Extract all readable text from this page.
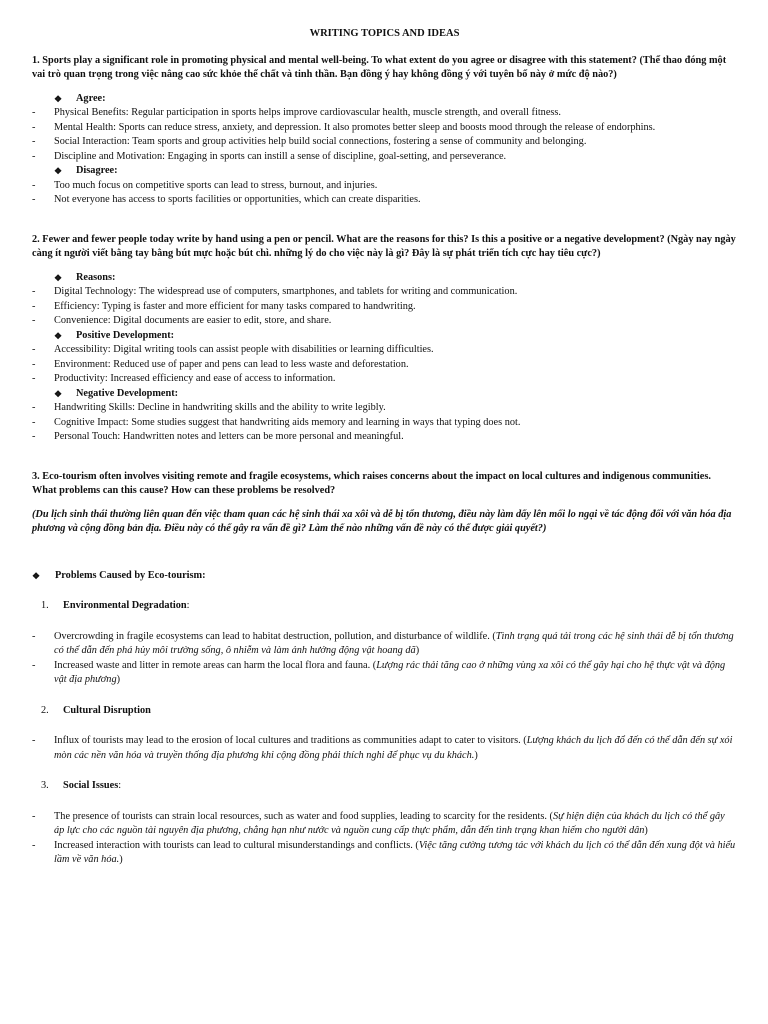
WRITING TOPICS AND IDEAS

1. Sports play a significant role in promoting physical and mental well-being. To what extent do you agree or disagree with this statement? (Thể thao đóng một vai trò quan trọng trong việc nâng cao sức khỏe thể chất và tinh thần. Bạn đồng ý hay không đồng ý với tuyên bố này ở mức độ nào?)

❖ Agree:
- Physical Benefits: Regular participation in sports helps improve cardiovascular health, muscle strength, and overall fitness.
- Mental Health: Sports can reduce stress, anxiety, and depression. It also promotes better sleep and boosts mood through the release of endorphins.
- Social Interaction: Team sports and group activities help build social connections, fostering a sense of community and belonging.
- Discipline and Motivation: Engaging in sports can instill a sense of discipline, goal-setting, and perseverance.
❖ Disagree:
- Too much focus on competitive sports can lead to stress, burnout, and injuries.
- Not everyone has access to sports facilities or opportunities, which can create disparities.

2. Fewer and fewer people today write by hand using a pen or pencil. What are the reasons for this? Is this a positive or a negative development? (Ngày nay ngày càng ít người viết bằng tay bằng bút mực hoặc bút chì. những lý do cho việc này là gì? Đây là sự phát triển tích cực hay tiêu cực?)

❖ Reasons:
- Digital Technology: The widespread use of computers, smartphones, and tablets for writing and communication.
- Efficiency: Typing is faster and more efficient for many tasks compared to handwriting.
- Convenience: Digital documents are easier to edit, store, and share.
❖ Positive Development:
- Accessibility: Digital writing tools can assist people with disabilities or learning difficulties.
- Environment: Reduced use of paper and pens can lead to less waste and deforestation.
- Productivity: Increased efficiency and ease of access to information.
❖ Negative Development:
- Handwriting Skills: Decline in handwriting skills and the ability to write legibly.
- Cognitive Impact: Some studies suggest that handwriting aids memory and learning in ways that typing does not.
- Personal Touch: Handwritten notes and letters can be more personal and meaningful.

3. Eco-tourism often involves visiting remote and fragile ecosystems, which raises concerns about the impact on local cultures and indigenous communities. What problems can this cause? How can these problems be resolved?

(Du lịch sinh thái thường liên quan đến việc tham quan các hệ sinh thái xa xôi và dễ bị tổn thương, điều này làm dấy lên mối lo ngại về tác động đối với văn hóa địa phương và cộng đồng bản địa. Điều này có thể gây ra vấn đề gì? Làm thế nào những vấn đề này có thể được giải quyết?)

❖ Problems Caused by Eco-tourism:

1. Environmental Degradation:

- Overcrowding in fragile ecosystems can lead to habitat destruction, pollution, and disturbance of wildlife. (Tình trạng quá tải trong các hệ sinh thái dễ bị tổn thương có thể dẫn đến phá hủy môi trường sống, ô nhiễm và làm ảnh hưởng động vật hoang dã)
- Increased waste and litter in remote areas can harm the local flora and fauna. (Lượng rác thải tăng cao ở những vùng xa xôi có thể gây hại cho hệ thực vật và động vật địa phương)

2. Cultural Disruption

- Influx of tourists may lead to the erosion of local cultures and traditions as communities adapt to cater to visitors. (Lượng khách du lịch đổ đến có thể dẫn đến sự xói mòn các nền văn hóa và truyền thống địa phương khi cộng đồng phải thích nghi để phục vụ du khách.)

3. Social Issues:

- The presence of tourists can strain local resources, such as water and food supplies, leading to scarcity for the residents. (Sự hiện diện của khách du lịch có thể gây áp lực cho các nguồn tài nguyên địa phương, chẳng hạn như nước và nguồn cung cấp thực phẩm, dẫn đến tình trạng khan hiếm cho người dân)
- Increased interaction with tourists can lead to cultural misunderstandings and conflicts. (Việc tăng cường tương tác với khách du lịch có thể dẫn đến xung đột và hiểu lầm về văn hóa.)
